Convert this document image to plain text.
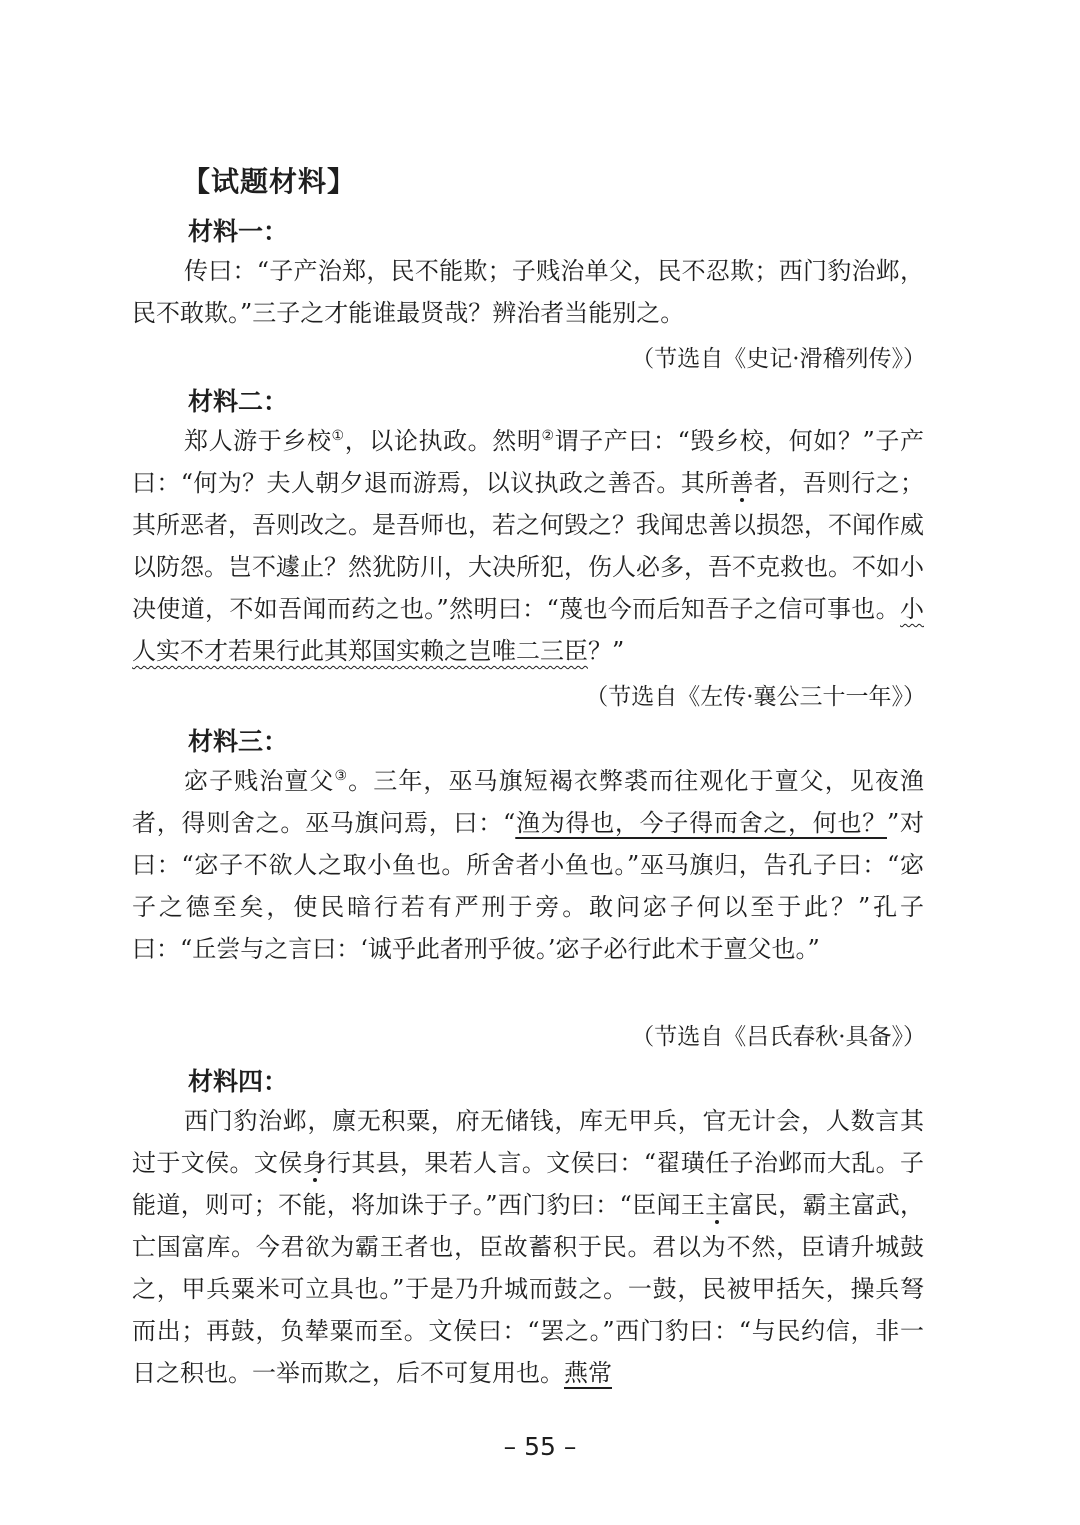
【试题材料】
材料一：
传曰：“子产治郑，民不能欺；子贱治单父，民不忍欺；西门豹治邺，民不敢欺。”三子之才能谁最贤哉？辨治者当能别之。
（节选自《史记·滑稽列传》）
材料二：
郑人游于乡校①，以论执政。然明②谓子产曰：“毁乡校，何如？”子产曰：“何为？夫人朝夕退而游焉，以议执政之善否。其所善者，吾则行之；其所恶者，吾则改之。是吾师也，若之何毁之？我闻忠善以损怨，不闻作威以防怨。岂不遽止？然犹防川，大决所犯，伤人必多，吾不克救也。不如小决使道，不如吾闻而药之也。”然明曰：“蔑也今而后知吾子之信可事也。小人实不才若果行此其郑国实赖之岂唯二三臣？”
（节选自《左传·襄公三十一年》）
材料三：
宓子贱治亶父③。三年，巫马旗短褐衣弊裘而往观化于亶父，见夜渔者，得则舍之。巫马旗问焉，曰：“渔为得也，今子得而舍之，何也？”对曰：“宓子不欲人之取小鱼也。所舍者小鱼也。”巫马旗归，告孔子曰：“宓子之德至矣，使民暗行若有严刑于旁。敢问宓子何以至于此？”孔子曰：“丘尝与之言曰：‘诚乎此者刑乎彼。’宓子必行此术于亶父也。”
（节选自《吕氏春秋·具备》）
材料四：
西门豹治邺，廪无积粟，府无储钱，库无甲兵，官无计会，人数言其过于文侯。文侯身行其县，果若人言。文侯曰：“翟璜任子治邺而大乱。子能道，则可；不能，将加诛于子。”西门豹曰：“臣闻王主富民，霸主富武，亡国富库。今君欲为霸王者也，臣故蓄积于民。君以为不然，臣请升城鼓之，甲兵粟米可立具也。”于是乃升城而鼓之。一鼓，民被甲括矢，操兵弩而出；再鼓，负辇粟而至。文侯曰：“罢之。”西门豹曰：“与民约信，非一日之积也。一举而欺之，后不可复用也。燕常
– 55 –
